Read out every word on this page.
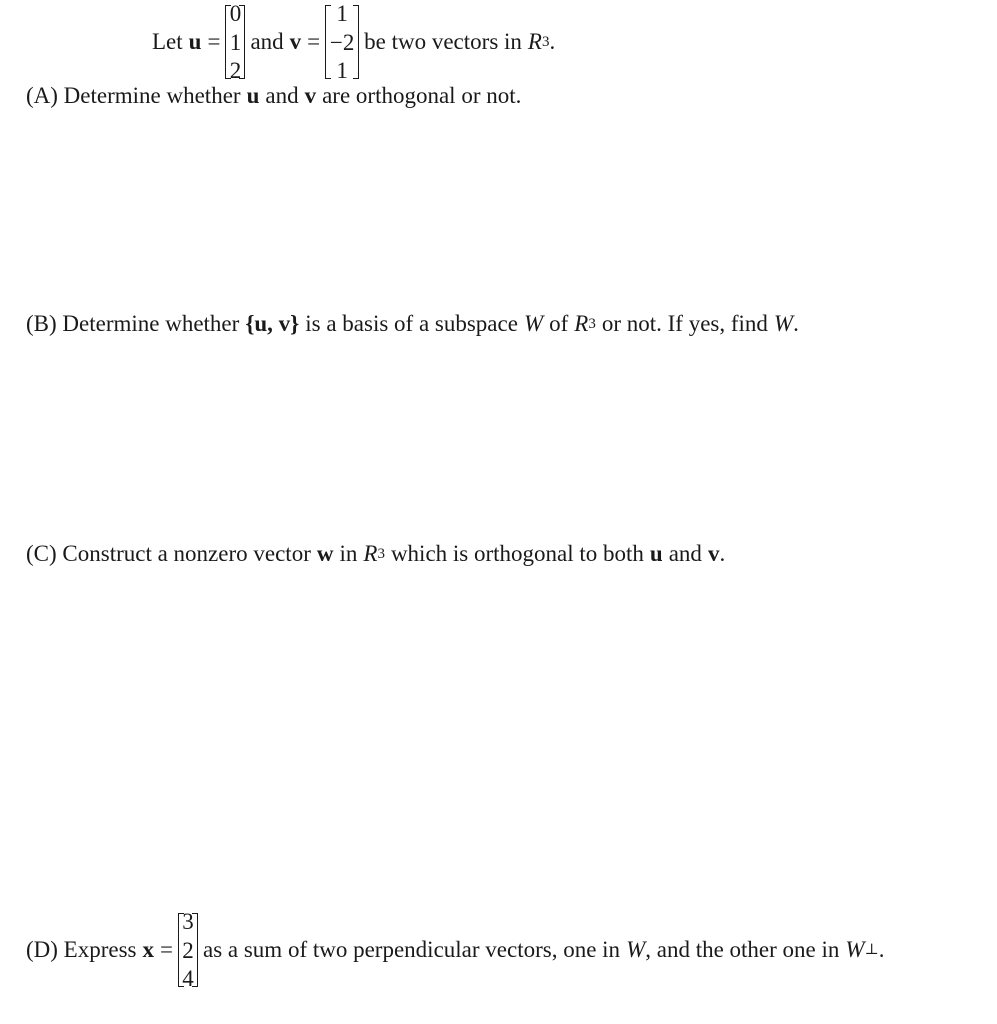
Let u =
0
1
2
and v =
1
−2
1
be two vectors in R 3 .
(A) Determine whether u and v are orthogonal or not.
(B) Determine whether {u, v} is a basis of a subspace W of R 3 or not. If yes, find W .
(C) Construct a nonzero vector w in R 3 which is orthogonal to both u and v .
(D) Express x =
3
2
4
as a sum of two perpendicular vectors, one in W , and the other one in W ⊥ .
